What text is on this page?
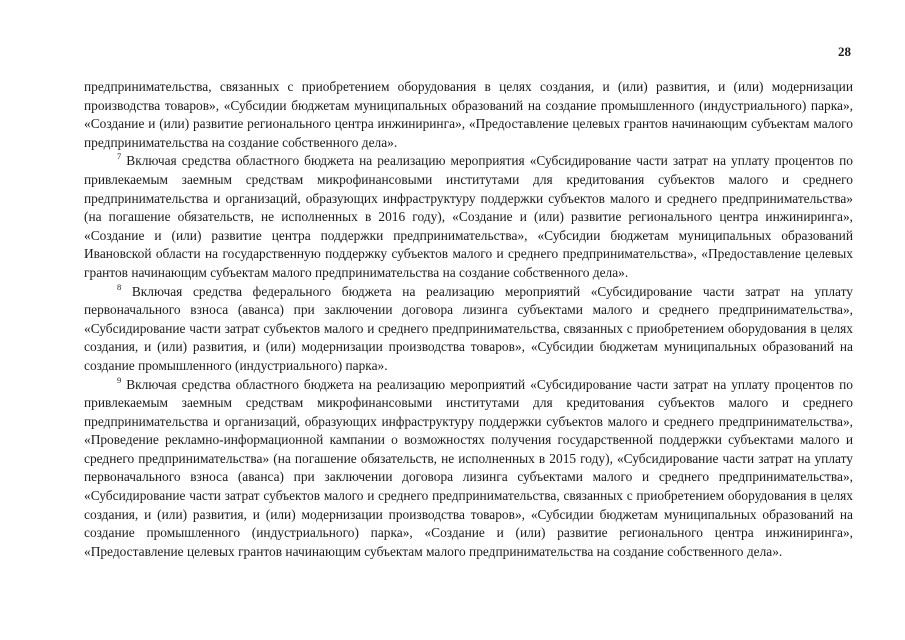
28

предпринимательства, связанных с приобретением оборудования в целях создания, и (или) развития, и (или) модернизации производства товаров», «Субсидии бюджетам муниципальных образований на создание промышленного (индустриального) парка», «Создание и (или) развитие регионального центра инжиниринга», «Предоставление целевых грантов начинающим субъектам малого предпринимательства на создание собственного дела».

$^7$ Включая средства областного бюджета на реализацию мероприятия «Субсидирование части затрат на уплату процентов по привлекаемым заемным средствам микрофинансовыми институтами для кредитования субъектов малого и среднего предпринимательства и организаций, образующих инфраструктуру поддержки субъектов малого и среднего предпринимательства» (на погашение обязательств, не исполненных в 2016 году), «Создание и (или) развитие регионального центра инжиниринга», «Создание и (или) развитие центра поддержки предпринимательства», «Субсидии бюджетам муниципальных образований Ивановской области на государственную поддержку субъектов малого и среднего предпринимательства», «Предоставление целевых грантов начинающим субъектам малого предпринимательства на создание собственного дела».

$^8$ Включая средства федерального бюджета на реализацию мероприятий «Субсидирование части затрат на уплату первоначального взноса (аванса) при заключении договора лизинга субъектами малого и среднего предпринимательства», «Субсидирование части затрат субъектов малого и среднего предпринимательства, связанных с приобретением оборудования в целях создания, и (или) развития, и (или) модернизации производства товаров», «Субсидии бюджетам муниципальных образований на создание промышленного (индустриального) парка».

$^9$ Включая средства областного бюджета на реализацию мероприятий «Субсидирование части затрат на уплату процентов по привлекаемым заемным средствам микрофинансовыми институтами для кредитования субъектов малого и среднего предпринимательства и организаций, образующих инфраструктуру поддержки субъектов малого и среднего предпринимательства», «Проведение рекламно-информационной кампании о возможностях получения государственной поддержки субъектами малого и среднего предпринимательства» (на погашение обязательств, не исполненных в 2015 году), «Субсидирование части затрат на уплату первоначального взноса (аванса) при заключении договора лизинга субъектами малого и среднего предпринимательства», «Субсидирование части затрат субъектов малого и среднего предпринимательства, связанных с приобретением оборудования в целях создания, и (или) развития, и (или) модернизации производства товаров», «Субсидии бюджетам муниципальных образований на создание промышленного (индустриального) парка», «Создание и (или) развитие регионального центра инжиниринга», «Предоставление целевых грантов начинающим субъектам малого предпринимательства на создание собственного дела».
